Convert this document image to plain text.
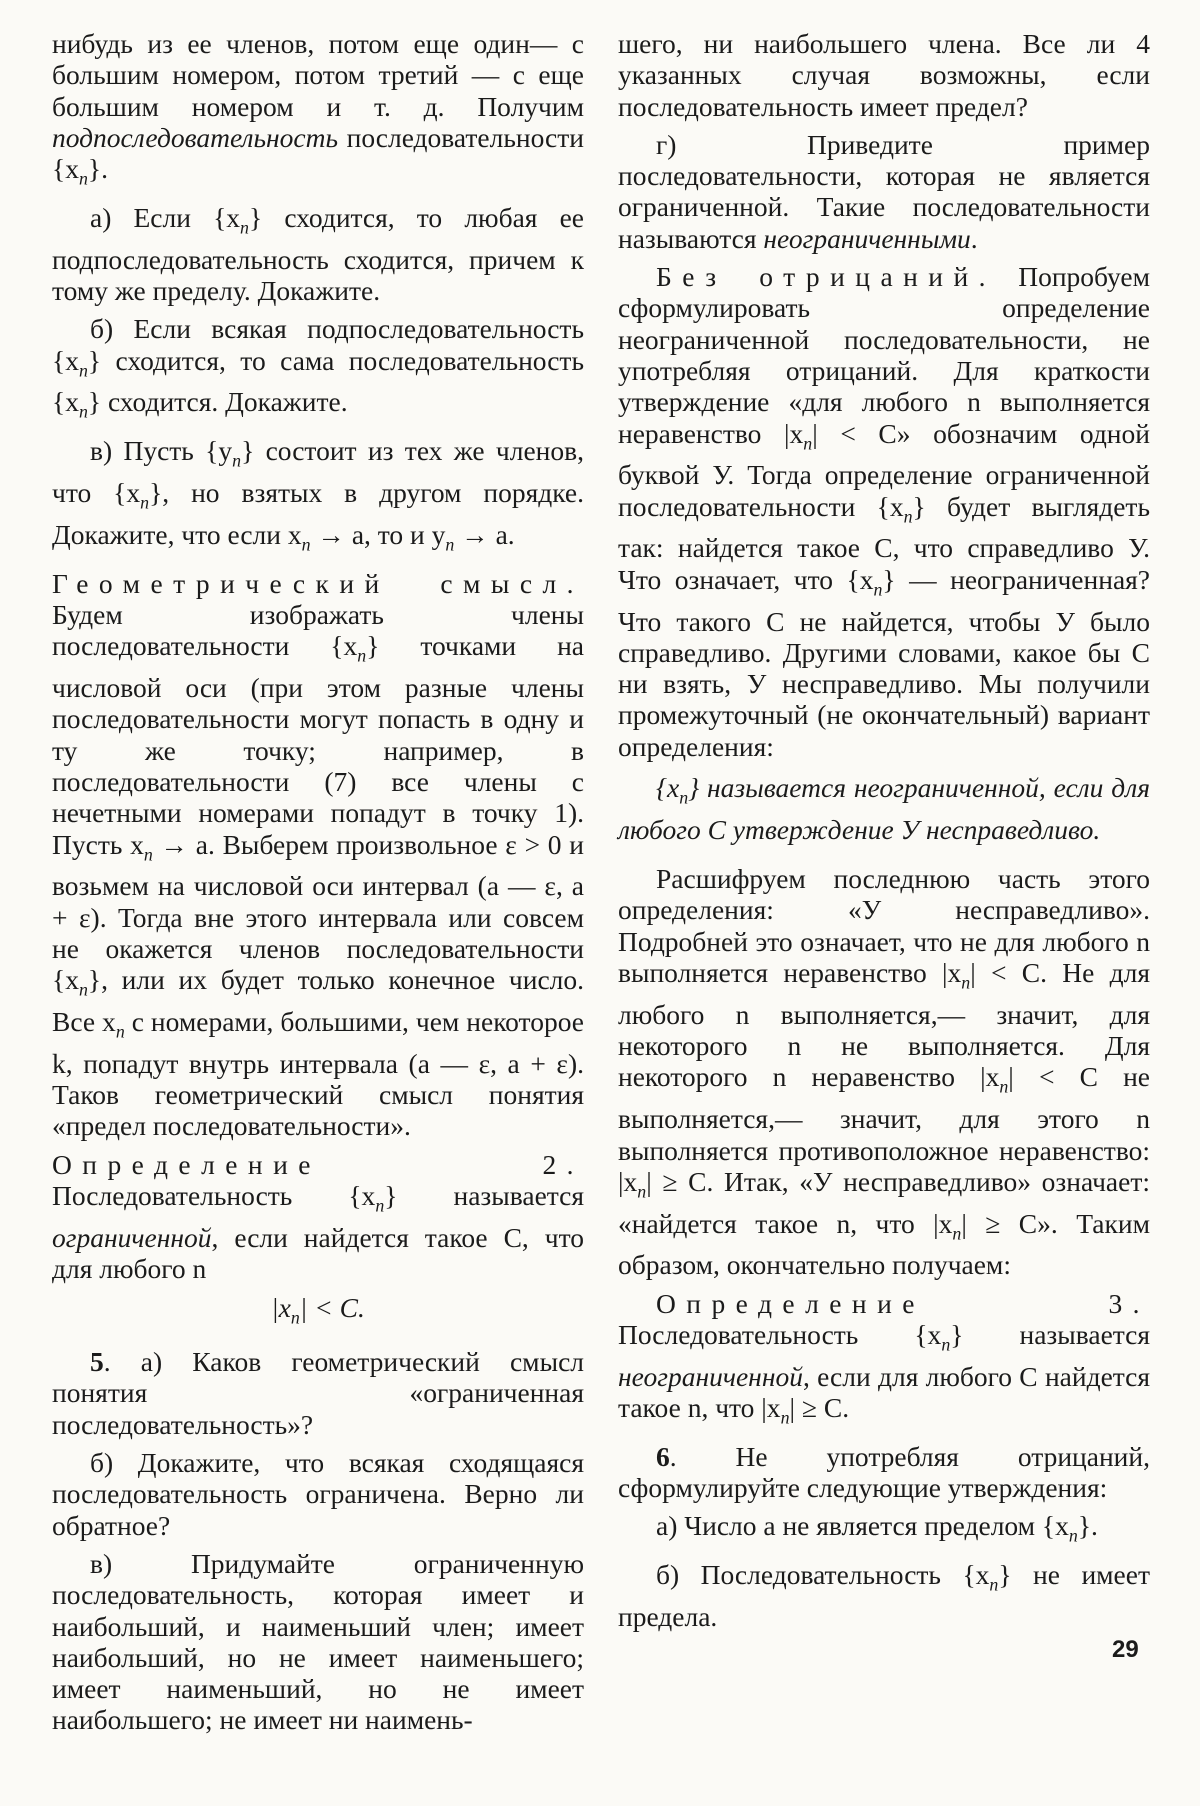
нибудь из ее членов, потом еще один— с большим номером, потом третий — с еще большим номером и т. д. Получим подпоследовательность последовательности $\{x_n\}$.

а) Если $\{x_n\}$ сходится, то любая ее подпоследовательность сходится, причем к тому же пределу. Докажите.

б) Если всякая подпоследовательность $\{x_n\}$ сходится, то сама последовательность $\{x_n\}$ сходится. Докажите.

в) Пусть $\{y_n\}$ состоит из тех же членов, что $\{x_n\}$, но взятых в другом порядке. Докажите, что если $x_n \to a$, то и $y_n \to a$.

Геометрический смысл. Будем изображать члены последовательности $\{x_n\}$ точками на числовой оси (при этом разные члены последовательности могут попасть в одну и ту же точку; например, в последовательности (7) все члены с нечетными номерами попадут в точку 1). Пусть $x_n \to a$. Выберем произвольное ε > 0 и возьмем на числовой оси интервал (a — ε, a + ε). Тогда вне этого интервала или совсем не окажется членов последовательности $\{x_n\}$, или их будет только конечное число. Все $x_n$ с номерами, большими, чем некоторое k, попадут внутрь интервала (a — ε, a + ε). Таков геометрический смысл понятия «предел последовательности».

Определение 2. Последовательность $\{x_n\}$ называется ограниченной, если найдется такое C, что для любого n

$|x_n| < C$.

5. а) Каков геометрический смысл понятия «ограниченная последовательность»?

б) Докажите, что всякая сходящаяся последовательность ограничена. Верно ли обратное?

в) Придумайте ограниченную последовательность, которая имеет и наибольший, и наименьший член; имеет наибольший, но не имеет наименьшего; имеет наименьший, но не имеет наибольшего; не имеет ни наимень-

шего, ни наибольшего члена. Все ли 4 указанных случая возможны, если последовательность имеет предел?

г) Приведите пример последовательности, которая не является ограниченной. Такие последовательности называются неограниченными.

Без отрицаний. Попробуем сформулировать определение неограниченной последовательности, не употребляя отрицаний. Для краткости утверждение «для любого n выполняется неравенство $|x_n| < C$» обозначим одной буквой У. Тогда определение ограниченной последовательности $\{x_n\}$ будет выглядеть так: найдется такое C, что справедливо У. Что означает, что $\{x_n\}$ — неограниченная? Что такого C не найдется, чтобы У было справедливо. Другими словами, какое бы C ни взять, У несправедливо. Мы получили промежуточный (не окончательный) вариант определения:

$\{x_n\}$ называется неограниченной, если для любого C утверждение У несправедливо.

Расшифруем последнюю часть этого определения: «У несправедливо». Подробней это означает, что не для любого n выполняется неравенство $|x_n| < C$. Не для любого n выполняется,— значит, для некоторого n не выполняется. Для некоторого n неравенство $|x_n| < C$ не выполняется,— значит, для этого n выполняется противоположное неравенство: $|x_n| \ge C$. Итак, «У несправедливо» означает: «найдется такое n, что $|x_n| \ge C$». Таким образом, окончательно получаем:

Определение 3. Последовательность $\{x_n\}$ называется неограниченной, если для любого C найдется такое n, что $|x_n| \ge C$.

6. Не употребляя отрицаний, сформулируйте следующие утверждения:

а) Число a не является пределом $\{x_n\}$.

б) Последовательность $\{x_n\}$ не имеет предела.

29
